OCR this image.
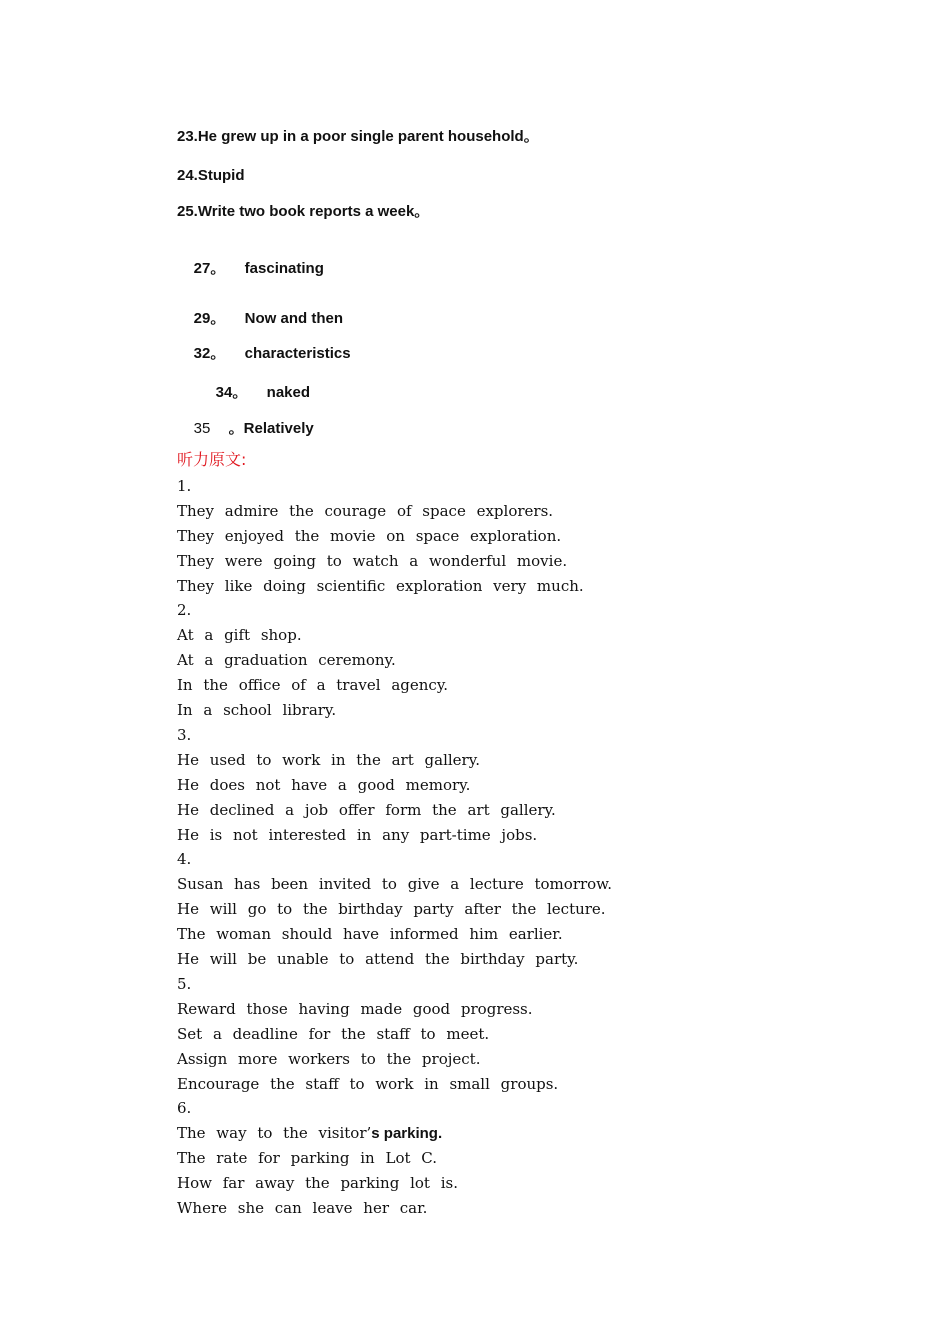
23.He grew up in a poor single parent household。
24.Stupid
25.Write two book reports a week。

27。 fascinating

29。 Now and then

32。 characteristics

34。 naked

35 。Relatively

听力原文:
1.
They admire the courage of space explorers.
They enjoyed the movie on space exploration.
They were going to watch a wonderful movie.
They like doing scientific exploration very much.
2.
At a gift shop.
At a graduation ceremony.
In the office of a travel agency.
In a school library.
3.
He used to work in the art gallery.
He does not have a good memory.
He declined a job offer form the art gallery.
He is not interested in any part-time jobs.
4.
Susan has been invited to give a lecture tomorrow.
He will go to the birthday party after the lecture.
The woman should have informed him earlier.
He will be unable to attend the birthday party.
5.
Reward those having made good progress.
Set a deadline for the staff to meet.
Assign more workers to the project.
Encourage the staff to work in small groups.
6.
The way to the visitor’s parking.
The rate for parking in Lot C.
How far away the parking lot is.
Where she can leave her car.
